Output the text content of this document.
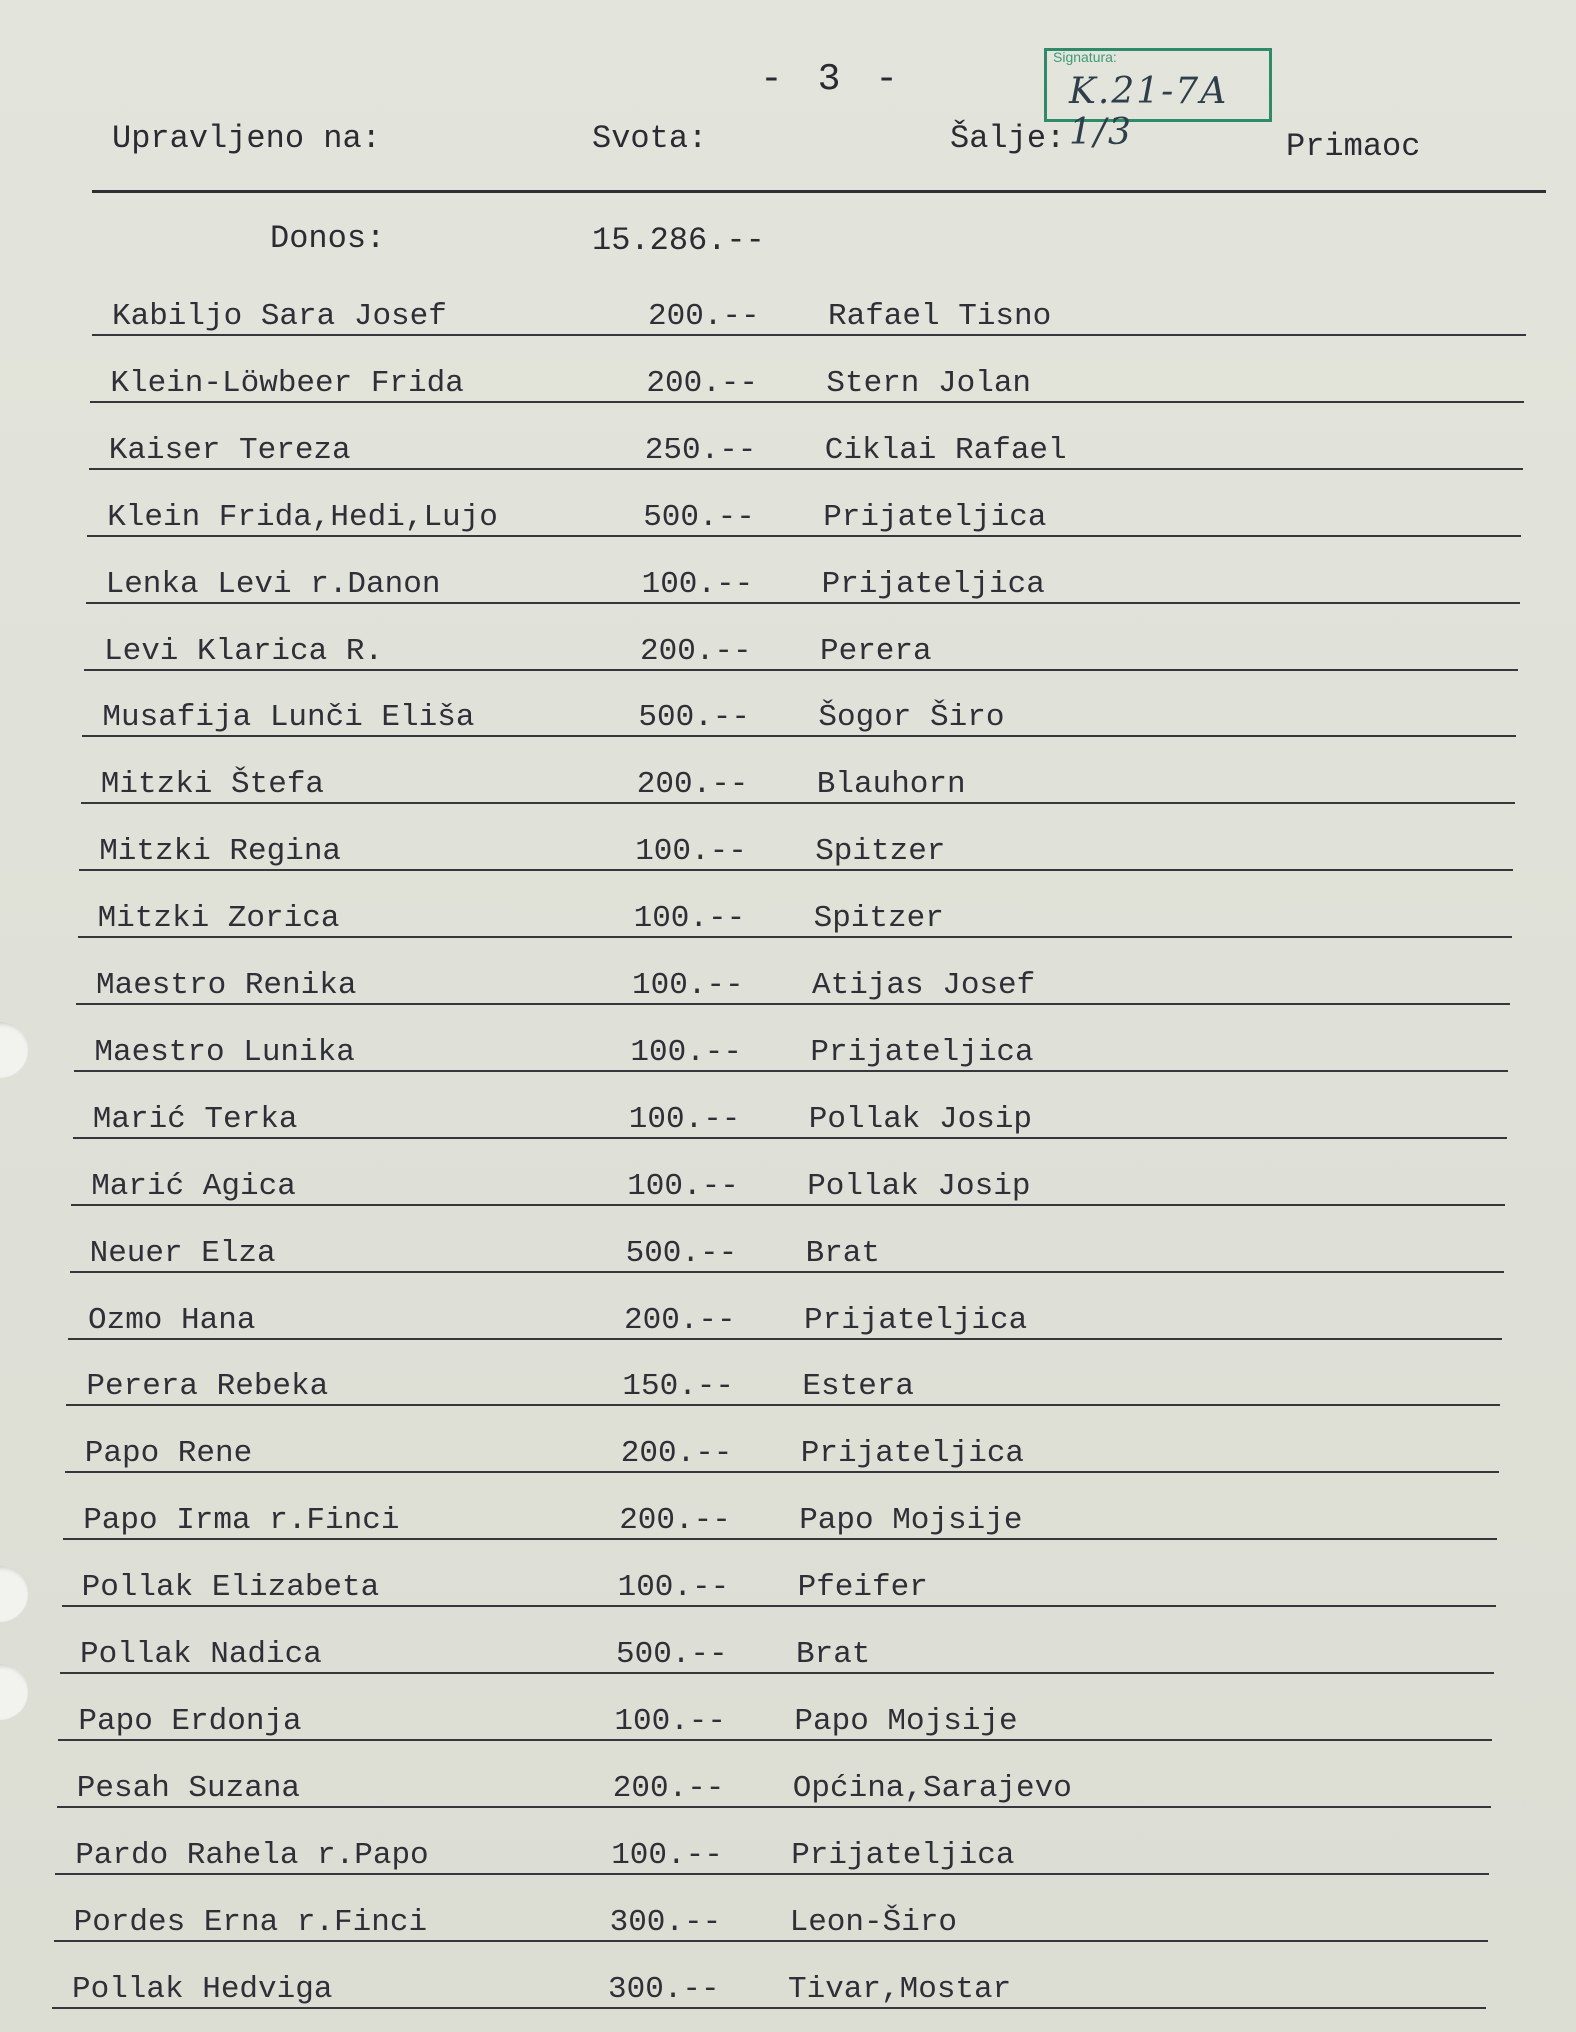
- 3 -
Signatura:
K.21-7A 1/3
Upravljeno na:	Svota:	Šalje:	Primaoc
Donos:	15.286.--
Kabiljo Sara Josef	200.-- Rafael Tisno
Klein-Löwbeer Frida	200.-- Stern Jolan
Kaiser Tereza	250.-- Ciklai Rafael
Klein Frida,Hedi,Lujo	500.-- Prijateljica
Lenka Levi r.Danon	100.-- Prijateljica
Levi Klarica R.	200.-- Perera
Musafija Lunči Eliša	500.-- Šogor Širo
Mitzki Štefa	200.-- Blauhorn
Mitzki Regina	100.-- Spitzer
Mitzki Zorica	100.-- Spitzer
Maestro Renika	100.-- Atijas Josef
Maestro Lunika	100.-- Prijateljica
Marić Terka	100.-- Pollak Josip
Marić Agica	100.-- Pollak Josip
Neuer Elza	500.-- Brat
Ozmo Hana	200.-- Prijateljica
Perera Rebeka	150.-- Estera
Papo Rene	200.-- Prijateljica
Papo Irma r.Finci	200.-- Papo Mojsije
Pollak Elizabeta	100.-- Pfeifer
Pollak Nadica	500.-- Brat
Papo Erdonja	100.-- Papo Mojsije
Pesah Suzana	200.-- Općina,Sarajevo
Pardo Rahela r.Papo	100.-- Prijateljica
Pordes Erna r.Finci	300.-- Leon-Širo
Pollak Hedviga	300.-- Tivar,Mostar
